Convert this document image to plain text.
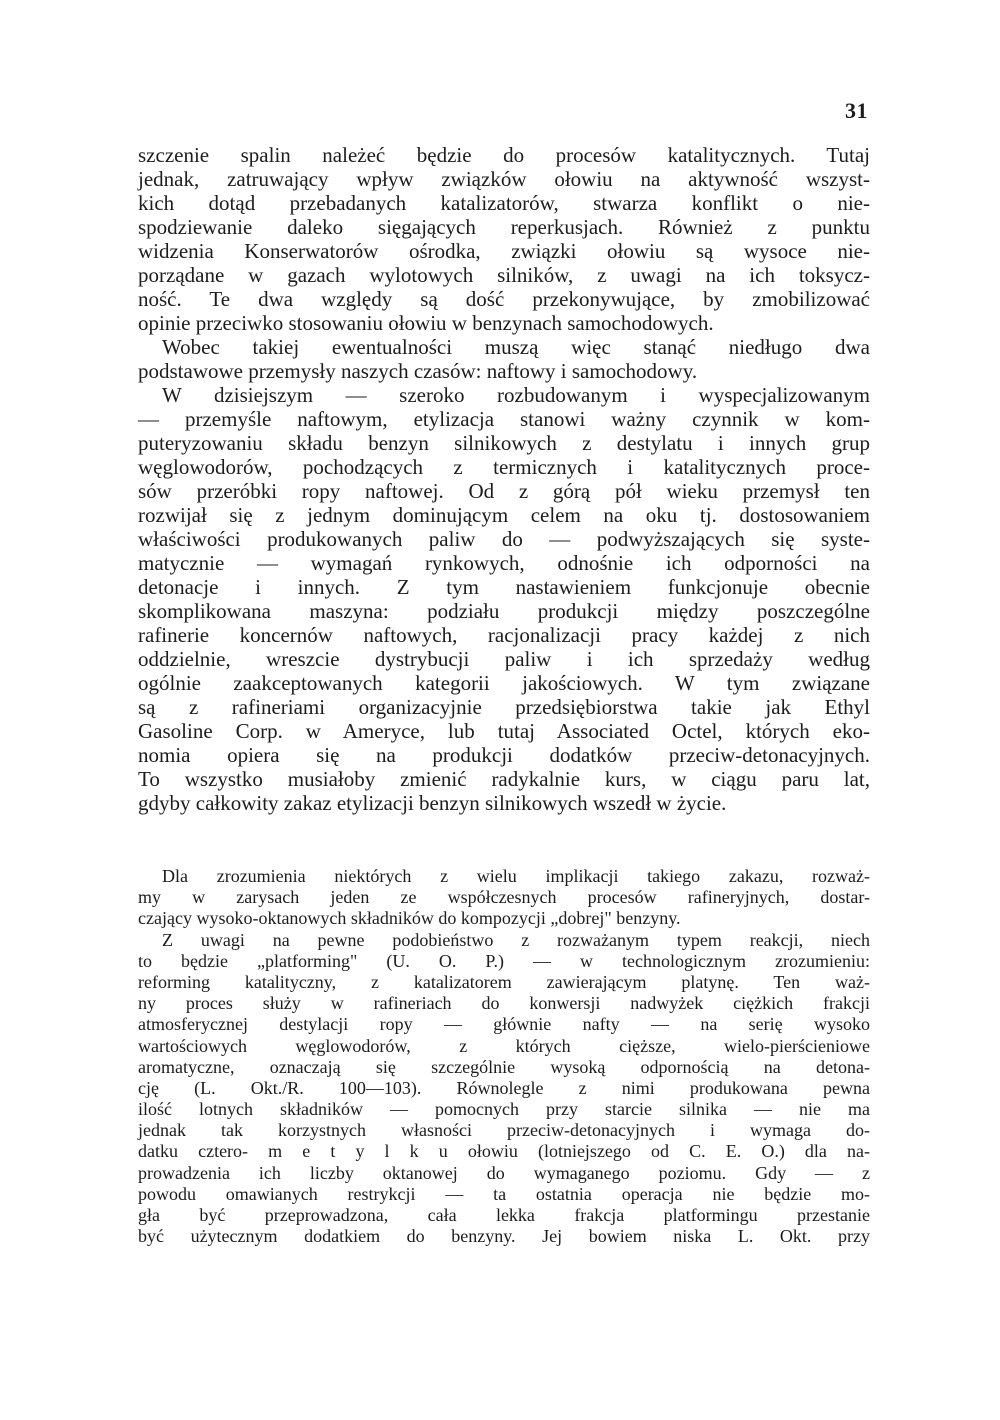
31
szczenie spalin należeć będzie do procesów katalitycznych. Tutaj
jednak, zatruwający wpływ związków ołowiu na aktywność wszyst-
kich dotąd przebadanych katalizatorów, stwarza konflikt o nie-
spodziewanie daleko sięgających reperkusjach. Również z punktu
widzenia Konserwatorów ośrodka, związki ołowiu są wysoce nie-
porządane w gazach wylotowych silników, z uwagi na ich toksycz-
ność. Te dwa względy są dość przekonywujące, by zmobilizować
opinie przeciwko stosowaniu ołowiu w benzynach samochodowych.
Wobec takiej ewentualności muszą więc stanąć niedługo dwa
podstawowe przemysły naszych czasów: naftowy i samochodowy.
W dzisiejszym — szeroko rozbudowanym i wyspecjalizowanym
— przemyśle naftowym, etylizacja stanowi ważny czynnik w kom-
puteryzowaniu składu benzyn silnikowych z destylatu i innych grup
węglowodorów, pochodzących z termicznych i katalitycznych proce-
sów przeróbki ropy naftowej. Od z górą pół wieku przemysł ten
rozwijał się z jednym dominującym celem na oku tj. dostosowaniem
właściwości produkowanych paliw do — podwyższających się syste-
matycznie — wymagań rynkowych, odnośnie ich odporności na
detonacje i innych. Z tym nastawieniem funkcjonuje obecnie
skomplikowana maszyna: podziału produkcji między poszczególne
rafinerie koncernów naftowych, racjonalizacji pracy każdej z nich
oddzielnie, wreszcie dystrybucji paliw i ich sprzedaży według
ogólnie zaakceptowanych kategorii jakościowych. W tym związane
są z rafineriami organizacyjnie przedsiębiorstwa takie jak Ethyl
Gasoline Corp. w Ameryce, lub tutaj Associated Octel, których eko-
nomia opiera się na produkcji dodatków przeciw-detonacyjnych.
To wszystko musiałoby zmienić radykalnie kurs, w ciągu paru lat,
gdyby całkowity zakaz etylizacji benzyn silnikowych wszedł w życie.
Dla zrozumienia niektórych z wielu implikacji takiego zakazu, rozważ-
my w zarysach jeden ze współczesnych procesów rafineryjnych, dostar-
czający wysoko-oktanowych składników do kompozycji „dobrej" benzyny.
Z uwagi na pewne podobieństwo z rozważanym typem reakcji, niech
to będzie „platforming" (U. O. P.) — w technologicznym zrozumieniu:
reforming katalityczny, z katalizatorem zawierającym platynę. Ten waż-
ny proces służy w rafineriach do konwersji nadwyżek ciężkich frakcji
atmosferycznej destylacji ropy — głównie nafty — na serię wysoko
wartościowych węglowodorów, z których cięższe, wielo-pierścieniowe
aromatyczne, oznaczają się szczególnie wysoką odpornością na detona-
cję (L. Okt./R. 100—103). Równolegle z nimi produkowana pewna
ilość lotnych składników — pomocnych przy starcie silnika — nie ma
jednak tak korzystnych własności przeciw-detonacyjnych i wymaga do-
datku cztero- m e t y l k u ołowiu (lotniejszego od C. E. O.) dla na-
prowadzenia ich liczby oktanowej do wymaganego poziomu. Gdy — z
powodu omawianych restrykcji — ta ostatnia operacja nie będzie mo-
gła być przeprowadzona, cała lekka frakcja platformingu przestanie
być użytecznym dodatkiem do benzyny. Jej bowiem niska L. Okt. przy
